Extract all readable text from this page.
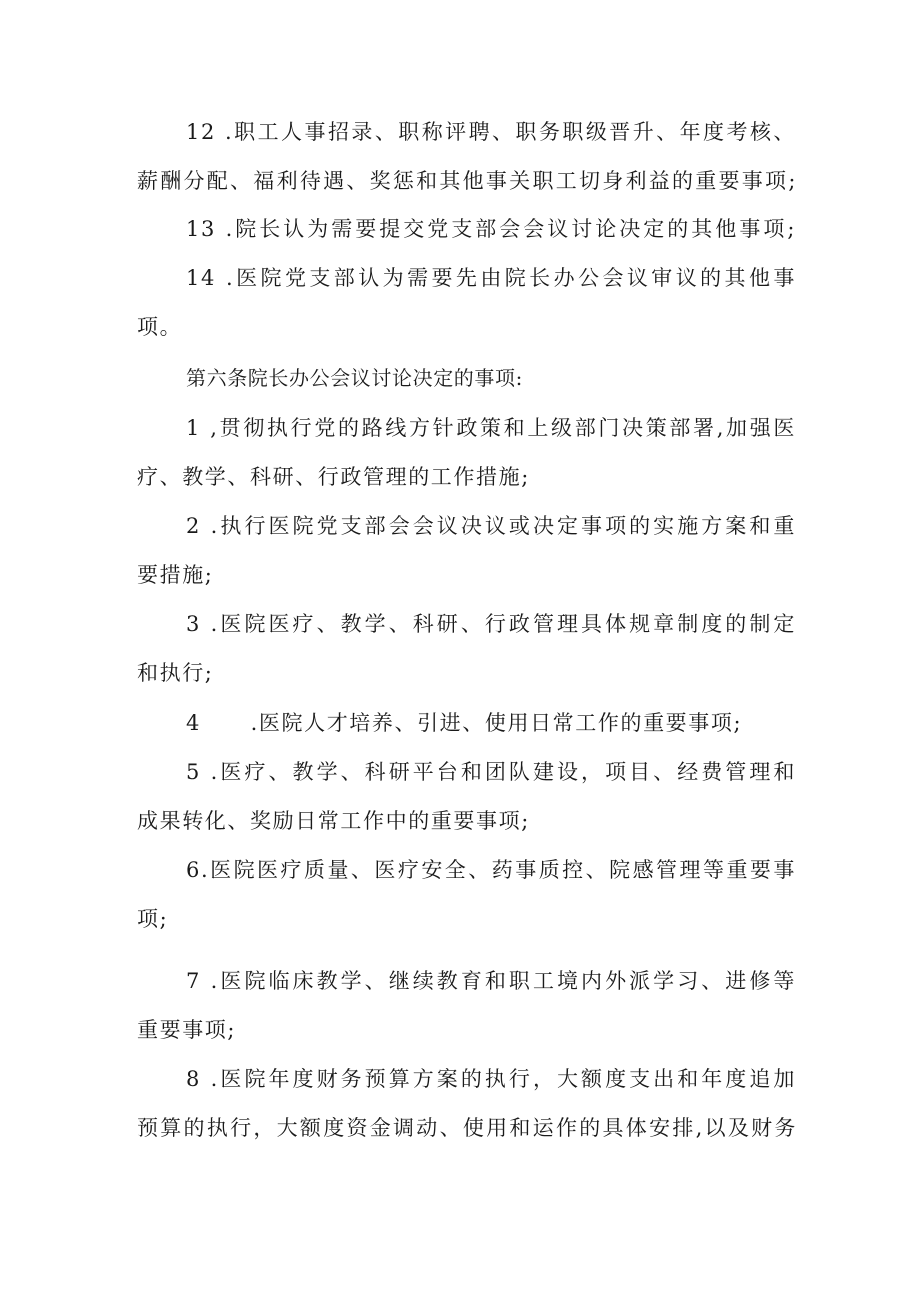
12 .职工人事招录、职称评聘、职务职级晋升、年度考核、
薪酬分配、福利待遇、奖惩和其他事关职工切身利益的重要事项;
13 .院长认为需要提交党支部会会议讨论决定的其他事项;
14 .医院党支部认为需要先由院长办公会议审议的其他事
项。
第六条院长办公会议讨论决定的事项:
1 ,贯彻执行党的路线方针政策和上级部门决策部署,加强医
疗、教学、科研、行政管理的工作措施;
2 .执行医院党支部会会议决议或决定事项的实施方案和重
要措施;
3 .医院医疗、教学、科研、行政管理具体规章制度的制定
和执行;
4      .医院人才培养、引进、使用日常工作的重要事项;
5 .医疗、教学、科研平台和团队建设，项目、经费管理和
成果转化、奖励日常工作中的重要事项;
6.医院医疗质量、医疗安全、药事质控、院感管理等重要事
项;
7 .医院临床教学、继续教育和职工境内外派学习、进修等
重要事项;
8 .医院年度财务预算方案的执行，大额度支出和年度追加
预算的执行，大额度资金调动、使用和运作的具体安排,以及财务
